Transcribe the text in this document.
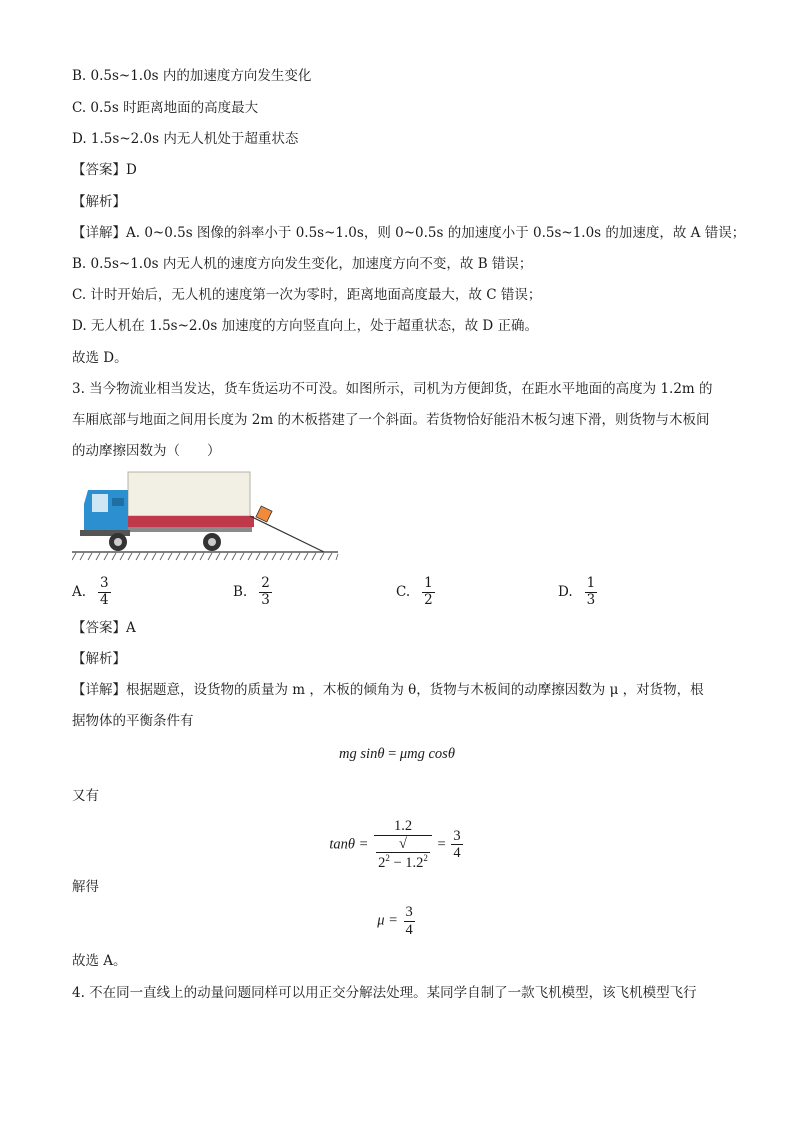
B. 0.5s~1.0s 内的加速度方向发生变化
C. 0.5s 时距离地面的高度最大
D. 1.5s~2.0s 内无人机处于超重状态
【答案】D
【解析】
【详解】A. 0~0.5s 图像的斜率小于 0.5s~1.0s，则 0~0.5s 的加速度小于 0.5s~1.0s 的加速度，故 A 错误；
B. 0.5s~1.0s 内无人机的速度方向发生变化，加速度方向不变，故 B 错误；
C. 计时开始后，无人机的速度第一次为零时，距离地面高度最大，故 C 错误；
D. 无人机在 1.5s~2.0s 加速度的方向竖直向上，处于超重状态，故 D 正确。
故选 D。
3. 当今物流业相当发达，货车货运功不可没。如图所示，司机为方便卸货，在距水平地面的高度为 1.2m 的
车厢底部与地面之间用长度为 2m 的木板搭建了一个斜面。若货物恰好能沿木板匀速下滑，则货物与木板间
的动摩擦因数为（　　）
A.
3
4	B.
2
3	C.
1
2	D.
1
3
【答案】A
【解析】
【详解】根据题意，设货物的质量为 m ，木板的倾角为 θ，货物与木板间的动摩擦因数为 μ ，对货物，根
据物体的平衡条件有
mg sinθ = μmg cosθ
又有
tanθ = 1.2
√
$2^2 - 1.2^2 = \frac{3}{4}$
解得
$\mu = \frac{3}{4}$
故选 A。
4. 不在同一直线上的动量问题同样可以用正交分解法处理。某同学自制了一款飞机模型，该飞机模型飞行
